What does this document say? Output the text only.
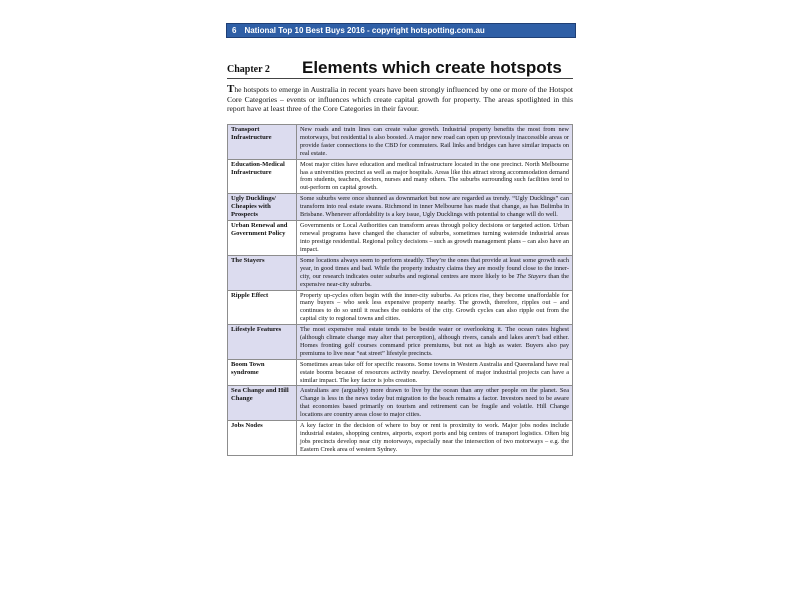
6	National Top 10 Best Buys 2016 - copyright hotspotting.com.au
Chapter 2	Elements which create hotspots

The hotspots to emerge in Australia in recent years have been strongly influenced by one or more of the Hotspot Core Categories – events or influences which create capital growth for property. The areas spotlighted in this report have at least three of the Core Categories in their favour.

Transport Infrastructure	New roads and train lines can create value growth. Industrial property benefits the most from new motorways, but residential is also boosted. A major new road can open up previously inaccessible areas or provide faster connections to the CBD for commuters. Rail links and bridges can have similar impacts on real estate.
Education-Medical Infrastructure	Most major cities have education and medical infrastructure located in the one precinct. North Melbourne has a universities precinct as well as major hospitals. Areas like this attract strong accommodation demand from students, teachers, doctors, nurses and many others. The suburbs surrounding such facilities tend to out-perform on capital growth.
Ugly Ducklings/ Cheapies with Prospects	Some suburbs were once shunned as downmarket but now are regarded as trendy. “Ugly Ducklings” can transform into real estate swans. Richmond in inner Melbourne has made that change, as has Bulimba in Brisbane. Whenever affordability is a key issue, Ugly Ducklings with potential to change will do well.
Urban Renewal and Government Policy	Governments or Local Authorities can transform areas through policy decisions or targeted action. Urban renewal programs have changed the character of suburbs, sometimes turning waterside industrial areas into prestige residential. Regional policy decisions – such as growth management plans – can also have an impact.
The Stayers	Some locations always seem to perform steadily. They’re the ones that provide at least some growth each year, in good times and bad. While the property industry claims they are mostly found close to the inner-city, our research indicates outer suburbs and regional centres are more likely to be The Stayers than the expensive near-city suburbs.
Ripple Effect	Property up-cycles often begin with the inner-city suburbs. As prices rise, they become unaffordable for many buyers – who seek less expensive property nearby. The growth, therefore, ripples out – and continues to do so until it reaches the outskirts of the city. Growth cycles can also ripple out from the capital city to regional towns and cities.
Lifestyle Features	The most expensive real estate tends to be beside water or overlooking it. The ocean rates highest (although climate change may alter that perception), although rivers, canals and lakes aren’t bad either. Homes fronting golf courses command price premiums, but not as high as water. Buyers also pay premiums to live near “eat street” lifestyle precincts.
Boom Town syndrome	Sometimes areas take off for specific reasons. Some towns in Western Australia and Queensland have real estate booms because of resources activity nearby. Development of major industrial projects can have a similar impact. The key factor is jobs creation.
Sea Change and Hill Change	Australians are (arguably) more drawn to live by the ocean than any other people on the planet. Sea Change is less in the news today but migration to the beach remains a factor. Investors need to be aware that economies based primarily on tourism and retirement can be fragile and volatile. Hill Change locations are country areas close to major cities.
Jobs Nodes	A key factor in the decision of where to buy or rent is proximity to work. Major jobs nodes include industrial estates, shopping centres, airports, export ports and big centres of transport logistics. Often big jobs precincts develop near city motorways, especially near the intersection of two motorways – e.g. the Eastern Creek area of western Sydney.
